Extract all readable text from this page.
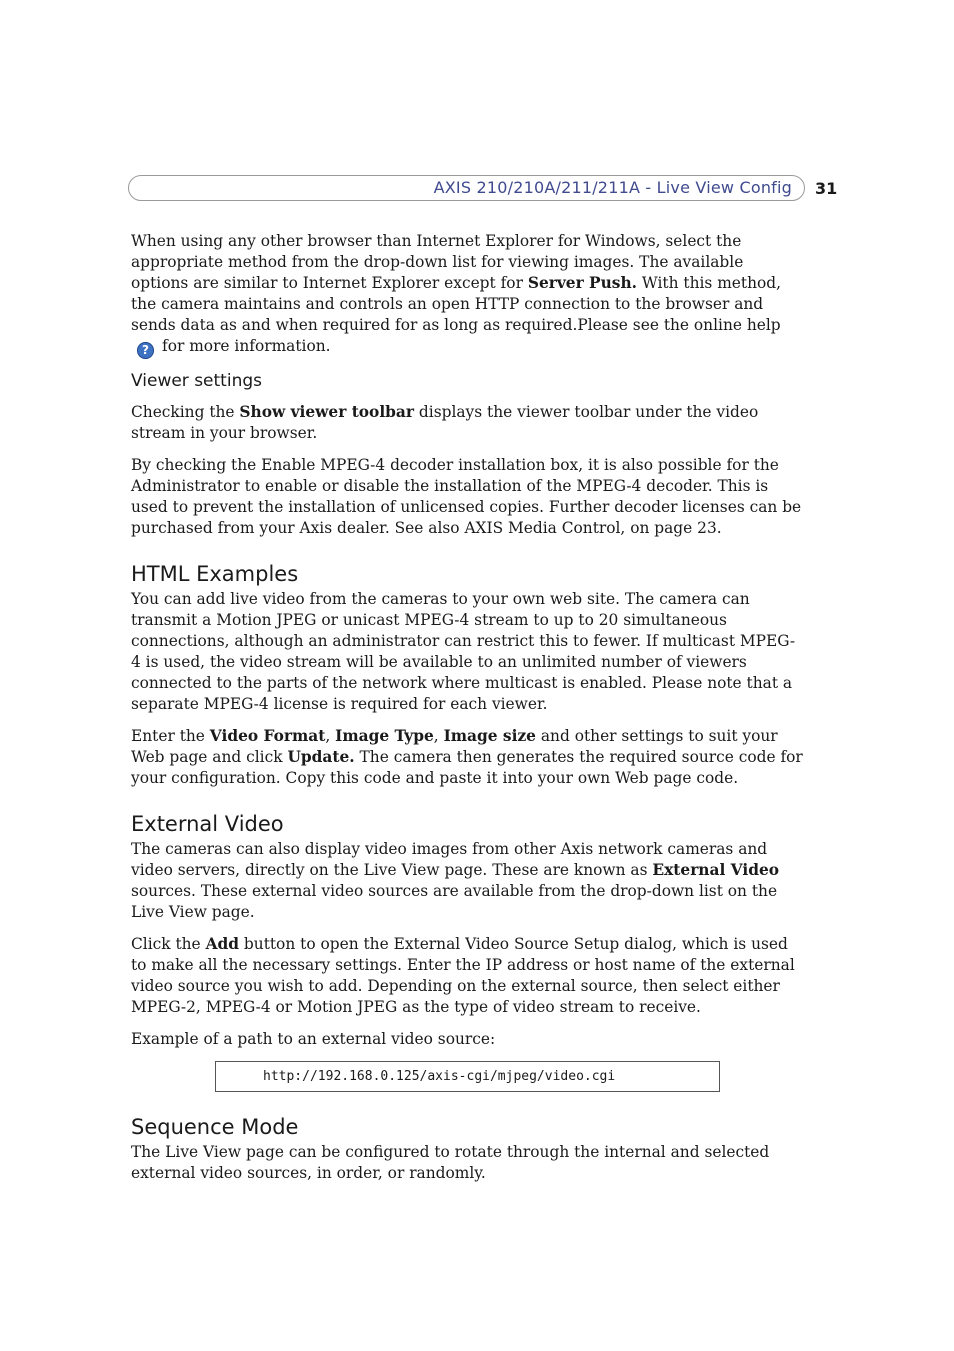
AXIS 210/210A/211/211A - Live View Config 31

When using any other browser than Internet Explorer for Windows, select the appropriate method from the drop-down list for viewing images. The available options are similar to Internet Explorer except for Server Push. With this method, the camera maintains and controls an open HTTP connection to the browser and sends data as and when required for as long as required.Please see the online help? for more information.

Viewer settings

Checking the Show viewer toolbar displays the viewer toolbar under the video stream in your browser.

By checking the Enable MPEG-4 decoder installation box, it is also possible for the Administrator to enable or disable the installation of the MPEG-4 decoder. This is used to prevent the installation of unlicensed copies. Further decoder licenses can be purchased from your Axis dealer. See also AXIS Media Control, on page 23.

HTML Examples

You can add live video from the cameras to your own web site. The camera can transmit a Motion JPEG or unicast MPEG-4 stream to up to 20 simultaneous connections, although an administrator can restrict this to fewer. If multicast MPEG-4 is used, the video stream will be available to an unlimited number of viewers connected to the parts of the network where multicast is enabled. Please note that a separate MPEG-4 license is required for each viewer.

Enter the Video Format, Image Type, Image size and other settings to suit your Web page and click Update. The camera then generates the required source code for your configuration. Copy this code and paste it into your own Web page code.

External Video

The cameras can also display video images from other Axis network cameras and video servers, directly on the Live View page. These are known as External Video sources. These external video sources are available from the drop-down list on the Live View page.

Click the Add button to open the External Video Source Setup dialog, which is used to make all the necessary settings. Enter the IP address or host name of the external video source you wish to add. Depending on the external source, then select either MPEG-2, MPEG-4 or Motion JPEG as the type of video stream to receive.

Example of a path to an external video source:

http://192.168.0.125/axis-cgi/mjpeg/video.cgi
Sequence Mode

The Live View page can be configured to rotate through the internal and selected external video sources, in order, or randomly.
